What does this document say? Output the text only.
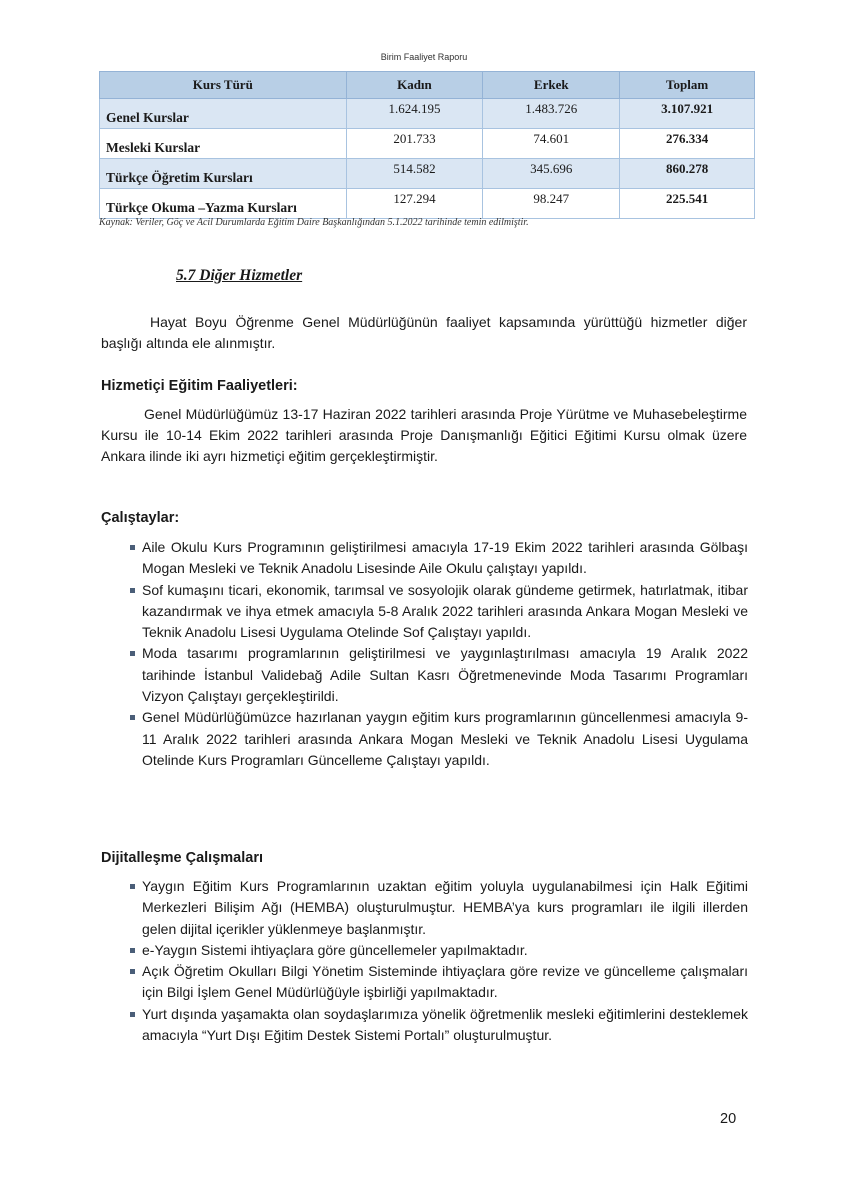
Birim Faaliyet Raporu
Kurs Türü	Kadın	Erkek	Toplam
Genel Kurslar	1.624.195	1.483.726	3.107.921
Mesleki Kurslar	201.733	74.601	276.334
Türkçe Öğretim Kursları	514.582	345.696	860.278
Türkçe Okuma –Yazma Kursları	127.294	98.247	225.541
Kaynak: Veriler, Göç ve Acil Durumlarda Eğitim Daire Başkanlığından 5.1.2022 tarihinde temin edilmiştir.
5.7 Diğer Hizmetler

Hayat Boyu Öğrenme Genel Müdürlüğünün faaliyet kapsamında yürüttüğü hizmetler diğer başlığı altında ele alınmıştır.

Hizmetiçi Eğitim Faaliyetleri:

Genel Müdürlüğümüz 13-17 Haziran 2022 tarihleri arasında Proje Yürütme ve Muhasebeleştirme Kursu ile 10-14 Ekim 2022 tarihleri arasında Proje Danışmanlığı Eğitici Eğitimi Kursu olmak üzere Ankara ilinde iki ayrı hizmetiçi eğitim gerçekleştirmiştir.

Çalıştaylar:
Aile Okulu Kurs Programının geliştirilmesi amacıyla 17-19 Ekim 2022 tarihleri arasında Gölbaşı Mogan Mesleki ve Teknik Anadolu Lisesinde Aile Okulu çalıştayı yapıldı.
Sof kumaşını ticari, ekonomik, tarımsal ve sosyolojik olarak gündeme getirmek, hatırlatmak, itibar kazandırmak ve ihya etmek amacıyla 5-8 Aralık 2022 tarihleri arasında Ankara Mogan Mesleki ve Teknik Anadolu Lisesi Uygulama Otelinde Sof Çalıştayı yapıldı.
Moda tasarımı programlarının geliştirilmesi ve yaygınlaştırılması amacıyla 19 Aralık 2022 tarihinde İstanbul Validebağ Adile Sultan Kasrı Öğretmenevinde Moda Tasarımı Programları Vizyon Çalıştayı gerçekleştirildi.
Genel Müdürlüğümüzce hazırlanan yaygın eğitim kurs programlarının güncellenmesi amacıyla 9-11 Aralık 2022 tarihleri arasında Ankara Mogan Mesleki ve Teknik Anadolu Lisesi Uygulama Otelinde Kurs Programları Güncelleme Çalıştayı yapıldı.
Dijitalleşme Çalışmaları
Yaygın Eğitim Kurs Programlarının uzaktan eğitim yoluyla uygulanabilmesi için Halk Eğitimi Merkezleri Bilişim Ağı (HEMBA) oluşturulmuştur. HEMBA’ya kurs programları ile ilgili illerden gelen dijital içerikler yüklenmeye başlanmıştır.
e-Yaygın Sistemi ihtiyaçlara göre güncellemeler yapılmaktadır.
Açık Öğretim Okulları Bilgi Yönetim Sisteminde ihtiyaçlara göre revize ve güncelleme çalışmaları için Bilgi İşlem Genel Müdürlüğüyle işbirliği yapılmaktadır.
Yurt dışında yaşamakta olan soydaşlarımıza yönelik öğretmenlik mesleki eğitimlerini desteklemek amacıyla “Yurt Dışı Eğitim Destek Sistemi Portalı” oluşturulmuştur.
20
